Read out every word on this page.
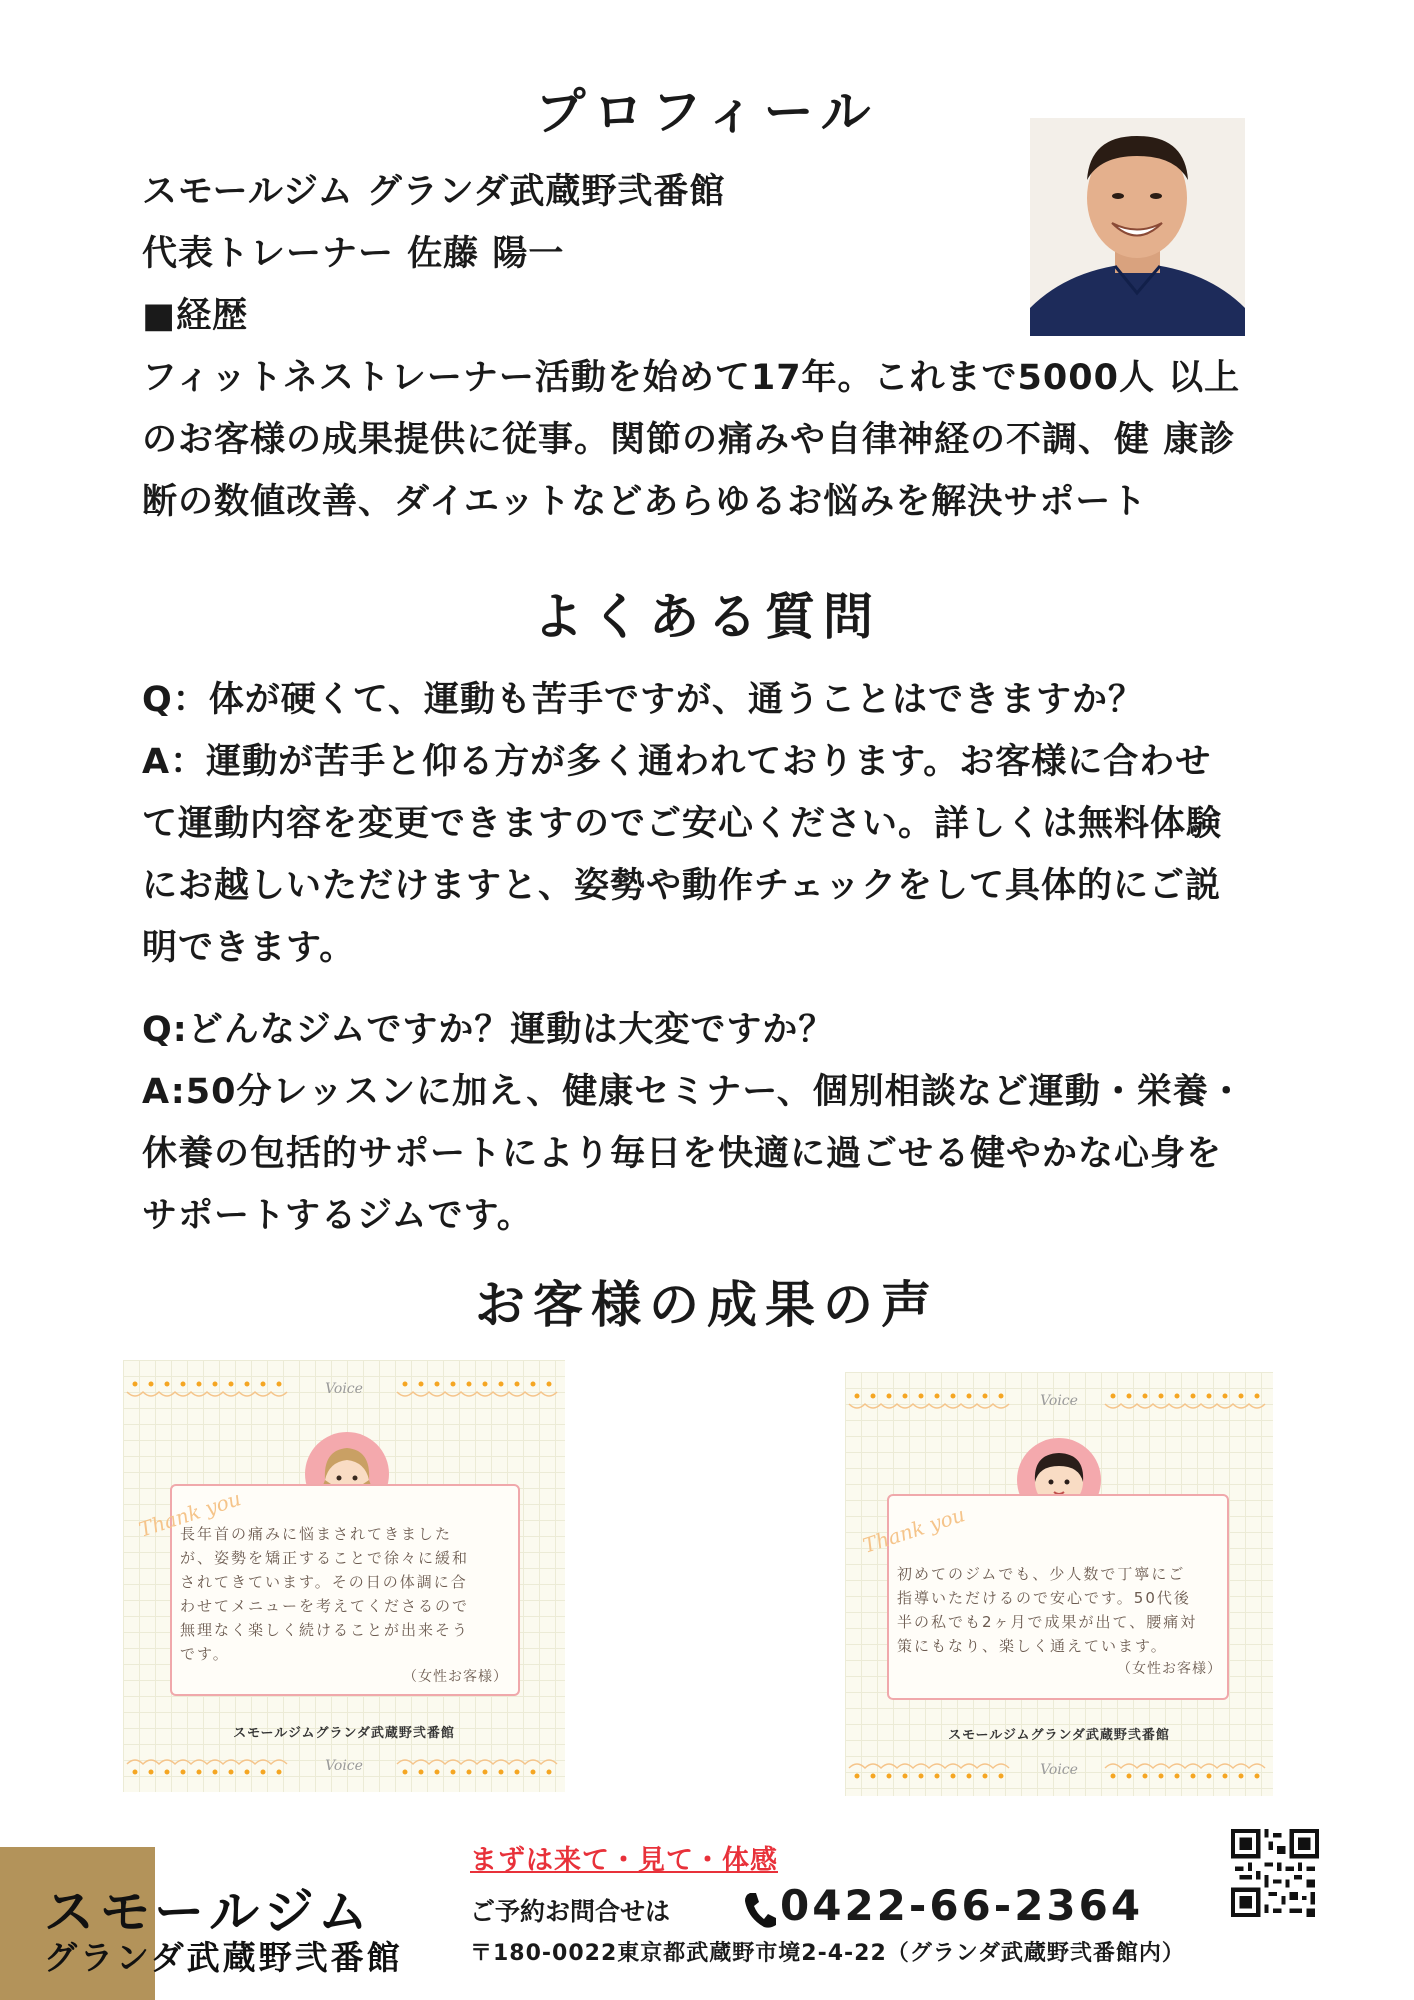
プロフィール
スモールジム グランダ武蔵野弐番館
代表トレーナー 佐藤 陽一
■経歴
フィットネストレーナー活動を始めて17年。これまで5000人 以上
のお客様の成果提供に従事。関節の痛みや自律神経の不調、健 康診
断の数値改善、ダイエットなどあらゆるお悩みを解決サポート
よくある質問
Q：体が硬くて、運動も苦手ですが、通うことはできますか？
A：運動が苦手と仰る方が多く通われております。お客様に合わせ
て運動内容を変更できますのでご安心ください。詳しくは無料体験
にお越しいただけますと、姿勢や動作チェックをして具体的にご説
明できます。
Q:どんなジムですか？運動は大変ですか？
A:50分レッスンに加え、健康セミナー、個別相談など運動・栄養・
休養の包括的サポートにより毎日を快適に過ごせる健やかな心身を
サポートするジムです。
お客様の成果の声
Voice
Thank you
長年首の痛みに悩まされてきました
が、姿勢を矯正することで徐々に緩和
されてきています。その日の体調に合
わせてメニューを考えてくださるので
無理なく楽しく続けることが出来そう
です。
（女性お客様）
スモールジムグランダ武蔵野弐番館
Voice
Voice
Thank you
初めてのジムでも、少人数で丁寧にご
指導いただけるので安心です。50代後
半の私でも2ヶ月で成果が出て、腰痛対
策にもなり、楽しく通えています。
（女性お客様）
スモールジムグランダ武蔵野弐番館
Voice
スモールジム
グランダ武蔵野弐番館
まずは来て・見て・体感
ご予約お問合せは	0422-66-2364
〒180-0022東京都武蔵野市境2-4-22（グランダ武蔵野弐番館内）
